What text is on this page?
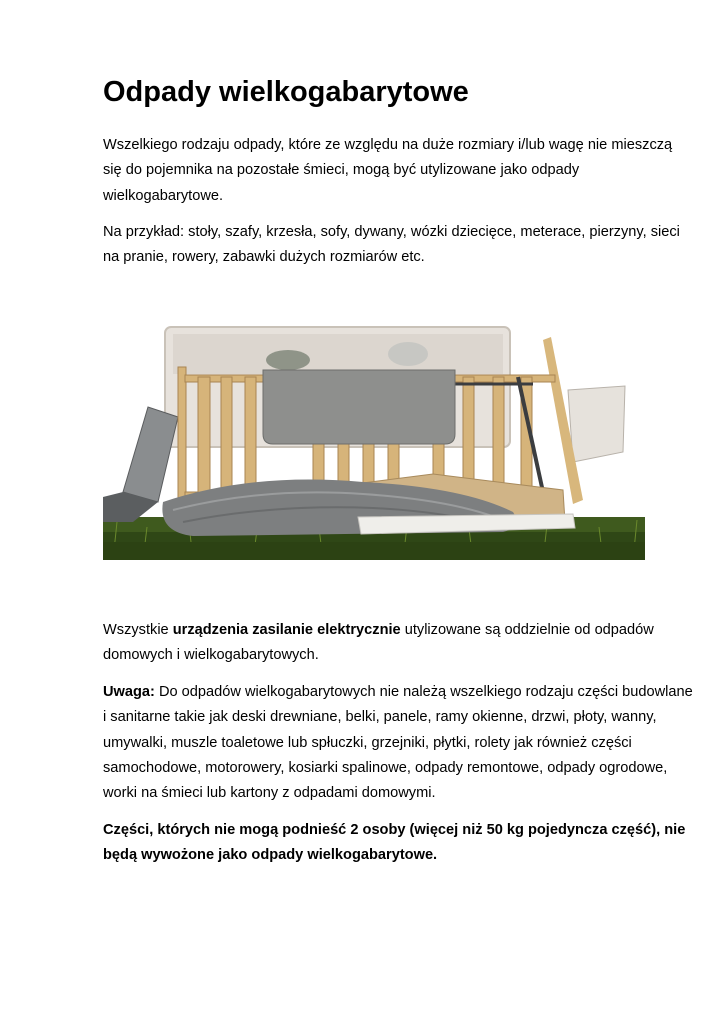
Odpady wielkogabarytowe

Wszelkiego rodzaju odpady, które ze względu na duże rozmiary i/lub wagę nie mieszczą się do pojemnika na pozostałe śmieci, mogą być utylizowane jako odpady wielkogabarytowe.

Na przykład: stoły, szafy, krzesła, sofy, dywany, wózki dziecięce, meterace, pierzyny, sieci na pranie, rowery, zabawki dużych rozmiarów etc.

Wszystkie urządzenia zasilanie elektrycznie utylizowane są oddzielnie od odpadów domowych i wielkogabarytowych.

Uwaga: Do odpadów wielkogabarytowych nie należą wszelkiego rodzaju części budowlane i sanitarne takie jak deski drewniane, belki, panele, ramy okienne, drzwi, płoty, wanny, umywalki, muszle toaletowe lub spłuczki, grzejniki, płytki, rolety jak również części samochodowe, motorowery, kosiarki spalinowe, odpady remontowe, odpady ogrodowe, worki na śmieci lub kartony z odpadami domowymi.

Części, których nie mogą podnieść 2 osoby (więcej niż 50 kg pojedyncza część), nie będą wywożone jako odpady wielkogabarytowe.
